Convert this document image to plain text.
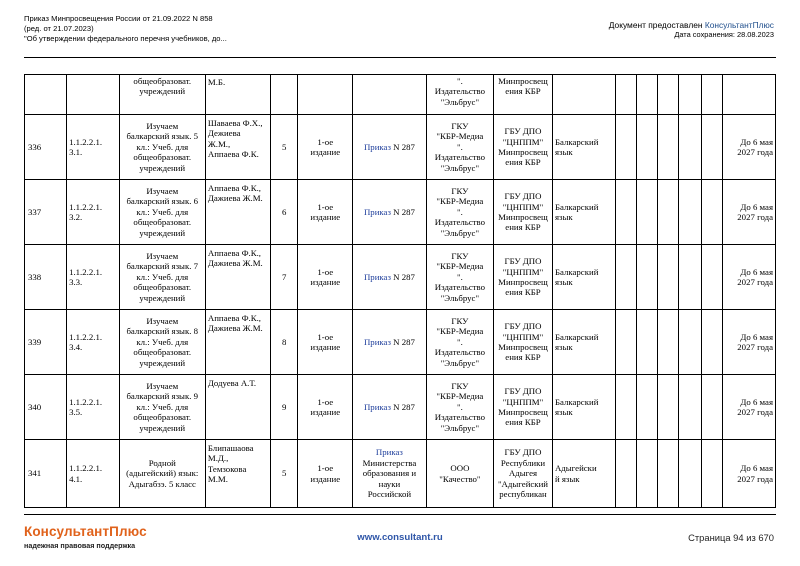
Приказ Минпросвещения России от 21.09.2022 N 858
(ред. от 21.07.2023)
"Об утверждении федерального перечня учебников, до...
Документ предоставлен КонсультантПлюс
Дата сохранения: 28.08.2023
		общеобразоват.
учреждений	М.Б.				".
Издательство
"Эльбрус"	Минпросвещ
ения КБР							
336	1.1.2.2.1.
3.1.	Изучаем
балкарский язык. 5
кл.: Учеб. для
общеобразоват.
учреждений	Шаваева Ф.Х.,
Дежиева
Ж.М.,
Аппаева Ф.К.	5	1-ое
издание	Приказ N 287	ГКУ
"КБР-Медиа
".
Издательство
"Эльбрус"	ГБУ ДПО
"ЦНППМ"
Минпросвещ
ения КБР	Балкарский
язык						До 6 мая
2027 года
337	1.1.2.2.1.
3.2.	Изучаем
балкарский язык. 6
кл.: Учеб. для
общеобразоват.
учреждений	Аппаева Ф.К.,
Дажиева Ж.М.	6	1-ое
издание	Приказ N 287	ГКУ
"КБР-Медиа
".
Издательство
"Эльбрус"	ГБУ ДПО
"ЦНППМ"
Минпросвещ
ения КБР	Балкарский
язык						До 6 мая
2027 года
338	1.1.2.2.1.
3.3.	Изучаем
балкарский язык. 7
кл.: Учеб. для
общеобразоват.
учреждений	Аппаева Ф.К.,
Дажиева Ж.М.	7	1-ое
издание	Приказ N 287	ГКУ
"КБР-Медиа
".
Издательство
"Эльбрус"	ГБУ ДПО
"ЦНППМ"
Минпросвещ
ения КБР	Балкарский
язык						До 6 мая
2027 года
339	1.1.2.2.1.
3.4.	Изучаем
балкарский язык. 8
кл.: Учеб. для
общеобразоват.
учреждений	Аппаева Ф.К.,
Дажиева Ж.М.	8	1-ое
издание	Приказ N 287	ГКУ
"КБР-Медиа
".
Издательство
"Эльбрус"	ГБУ ДПО
"ЦНППМ"
Минпросвещ
ения КБР	Балкарский
язык						До 6 мая
2027 года
340	1.1.2.2.1.
3.5.	Изучаем
балкарский язык. 9
кл.: Учеб. для
общеобразоват.
учреждений	Додуева А.Т.	9	1-ое
издание	Приказ N 287	ГКУ
"КБР-Медиа
".
Издательство
"Эльбрус"	ГБУ ДПО
"ЦНППМ"
Минпросвещ
ения КБР	Балкарский
язык						До 6 мая
2027 года
341	1.1.2.2.1.
4.1.	Родной
(адыгейский) язык:
Адыгабзэ. 5 класс	Блипашаова
М.Д.,
Темзокова
М.М.	5	1-ое
издание	Приказ
Министерства
образования и
науки
Российской	ООО
"Качество"	ГБУ ДПО
Республики
Адыгея
"Адыгейский
республикан	Адыгейски
й язык						До 6 мая
2027 года
КонсультантПлюс
надежная правовая поддержка
www.consultant.ru	Страница 94 из 670
